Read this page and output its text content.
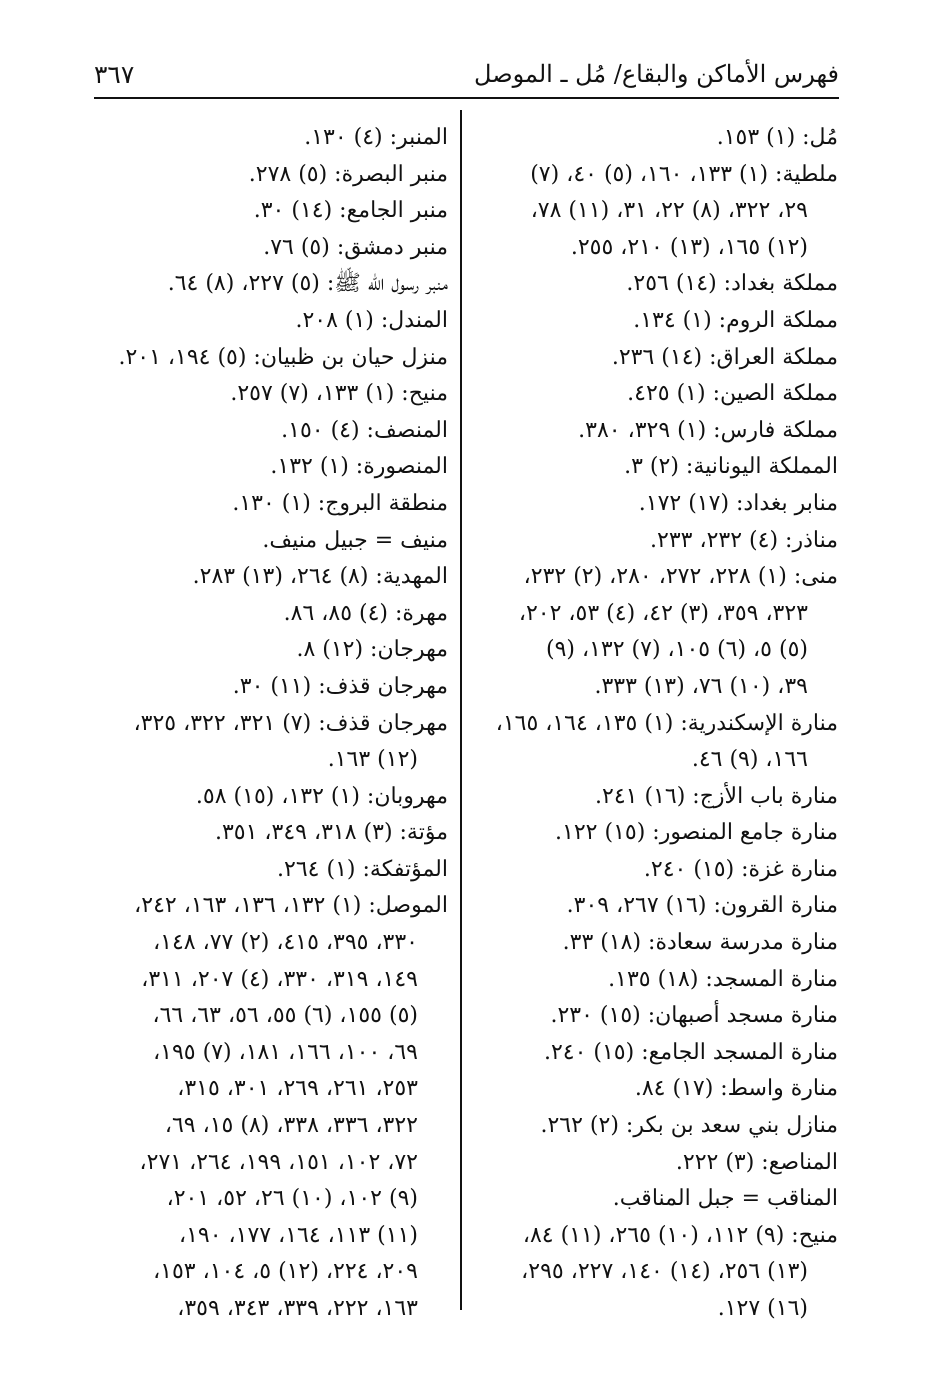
فهرس الأماكن والبقاع/ مُل ـ الموصل
٣٦٧
مُل: (١) ١٥٣.
ملطية: (١) ١٣٣، ١٦٠، (٥) ٤٠، (٧)
٢٩، ٣٢٢، (٨) ٢٢، ٣١، (١١) ٧٨،
(١٢) ١٦٥، (١٣) ٢١٠، ٢٥٥.
مملكة بغداد: (١٤) ٢٥٦.
مملكة الروم: (١) ١٣٤.
مملكة العراق: (١٤) ٢٣٦.
مملكة الصين: (١) ٤٢٥.
مملكة فارس: (١) ٣٢٩، ٣٨٠.
المملكة اليونانية: (٢) ٣.
منابر بغداد: (١٧) ١٧٢.
مناذر: (٤) ٢٣٢، ٢٣٣.
منى: (١) ٢٢٨، ٢٧٢، ٢٨٠، (٢) ٢٣٢،
٣٢٣، ٣٥٩، (٣) ٤٢، (٤) ٥٣، ٢٠٢،
(٥) ٥، (٦) ١٠٥، (٧) ١٣٢، (٩)
٣٩، (١٠) ٧٦، (١٣) ٣٣٣.
منارة الإسكندرية: (١) ١٣٥، ١٦٤، ١٦٥،
١٦٦، (٩) ٤٦.
منارة باب الأزج: (١٦) ٢٤١.
منارة جامع المنصور: (١٥) ١٢٢.
منارة غزة: (١٥) ٢٤٠.
منارة القرون: (١٦) ٢٦٧، ٣٠٩.
منارة مدرسة سعادة: (١٨) ٣٣.
منارة المسجد: (١٨) ١٣٥.
منارة مسجد أصبهان: (١٥) ٢٣٠.
منارة المسجد الجامع: (١٥) ٢٤٠.
منارة واسط: (١٧) ٨٤.
منازل بني سعد بن بكر: (٢) ٢٦٢.
المناصع: (٣) ٢٢٢.
المناقب = جبل المناقب.
منيح: (٩) ١١٢، (١٠) ٢٦٥، (١١) ٨٤،
(١٣) ٢٥٦، (١٤) ١٤٠، ٢٢٧، ٢٩٥،
(١٦) ١٢٧.
المنبر: (٤) ١٣٠.
منبر البصرة: (٥) ٢٧٨.
منبر الجامع: (١٤) ٣٠.
منبر دمشق: (٥) ٧٦.
منبر رسول الله ﷺ: (٥) ٢٢٧، (٨) ٦٤.
المندل: (١) ٢٠٨.
منزل حيان بن ظبيان: (٥) ١٩٤، ٢٠١.
منيح: (١) ١٣٣، (٧) ٢٥٧.
المنصف: (٤) ١٥٠.
المنصورة: (١) ١٣٢.
منطقة البروج: (١) ١٣٠.
منيف = جبيل منيف.
المهدية: (٨) ٢٦٤، (١٣) ٢٨٣.
مهرة: (٤) ٨٥، ٨٦.
مهرجان: (١٢) ٨.
مهرجان قذف: (١١) ٣٠.
مهرجان قذف: (٧) ٣٢١، ٣٢٢، ٣٢٥،
(١٢) ١٦٣.
مهروبان: (١) ١٣٢، (١٥) ٥٨.
مؤتة: (٣) ٣١٨، ٣٤٩، ٣٥١.
المؤتفكة: (١) ٢٦٤.
الموصل: (١) ١٣٢، ١٣٦، ١٦٣، ٢٤٢،
٣٣٠، ٣٩٥، ٤١٥، (٢) ٧٧، ١٤٨،
١٤٩، ٣١٩، ٣٣٠، (٤) ٢٠٧، ٣١١،
(٥) ١٥٥، (٦) ٥٥، ٥٦، ٦٣، ٦٦،
٦٩، ١٠٠، ١٦٦، ١٨١، (٧) ١٩٥،
٢٥٣، ٢٦١، ٢٦٩، ٣٠١، ٣١٥،
٣٢٢، ٣٣٦، ٣٣٨، (٨) ١٥، ٦٩،
٧٢، ١٠٢، ١٥١، ١٩٩، ٢٦٤، ٢٧١،
(٩) ١٠٢، (١٠) ٢٦، ٥٢، ٢٠١،
(١١) ١١٣، ١٦٤، ١٧٧، ١٩٠،
٢٠٩، ٢٢٤، (١٢) ٥، ١٠٤، ١٥٣،
١٦٣، ٢٢٢، ٣٣٩، ٣٤٣، ٣٥٩،
